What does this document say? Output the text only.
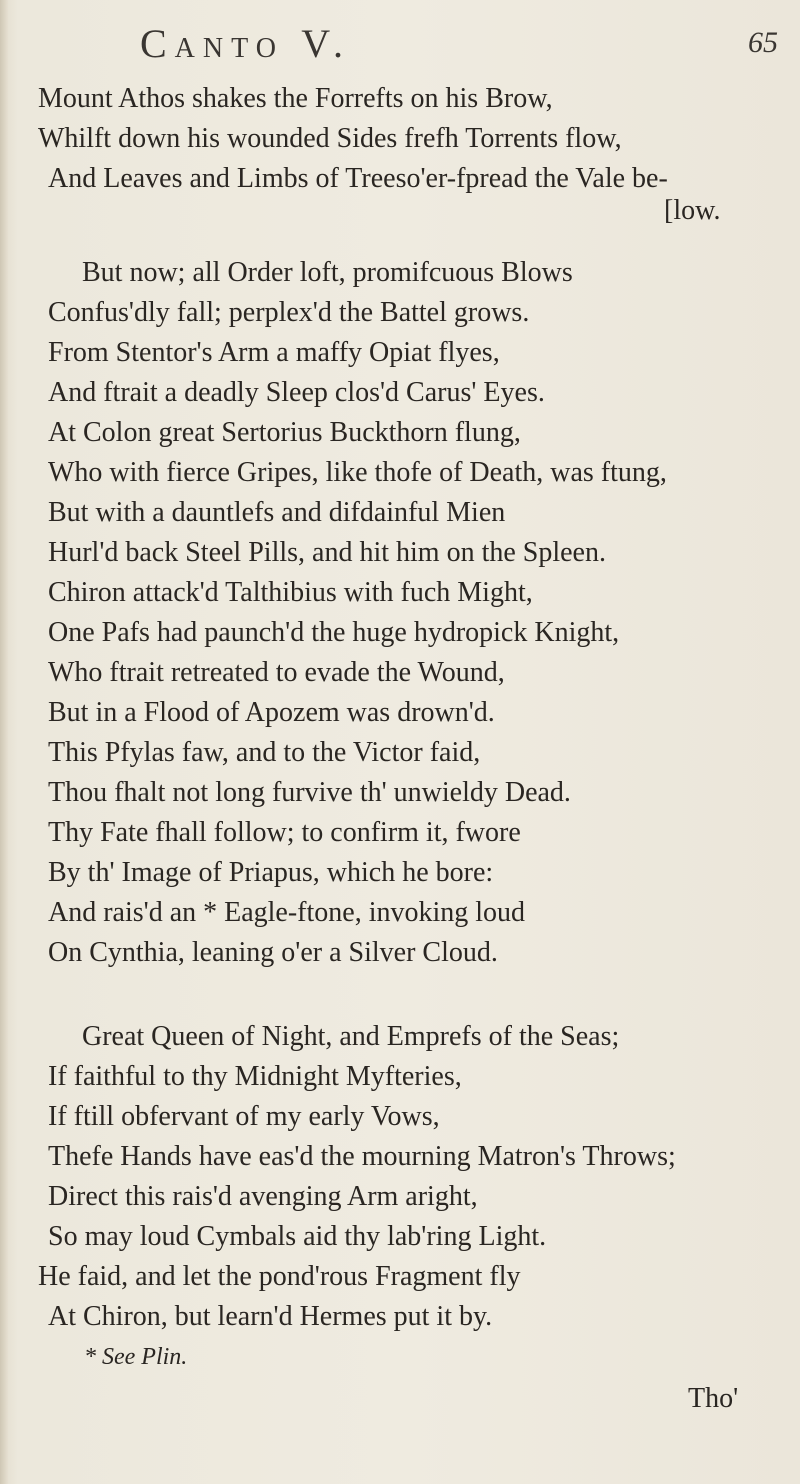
Canto V.	65
Mount Athos shakes the Forrefts on his Brow,
Whilft down his wounded Sides frefh Torrents flow,
And Leaves and Limbs of Treeso'er-fpread the Vale be-
[low.
But now; all Order loft, promifcuous Blows
Confus'dly fall; perplex'd the Battel grows.
From Stentor's Arm a maffy Opiat flyes,
And ftrait a deadly Sleep clos'd Carus' Eyes.
At Colon great Sertorius Buckthorn flung,
Who with fierce Gripes, like thofe of Death, was ftung,
But with a dauntlefs and difdainful Mien
Hurl'd back Steel Pills, and hit him on the Spleen.
Chiron attack'd Talthibius with fuch Might,
One Pafs had paunch'd the huge hydropick Knight,
Who ftrait retreated to evade the Wound,
But in a Flood of Apozem was drown'd.
This Pfylas faw, and to the Victor faid,
Thou fhalt not long furvive th' unwieldy Dead.
Thy Fate fhall follow; to confirm it, fwore
By th' Image of Priapus, which he bore:
And rais'd an * Eagle-ftone, invoking loud
On Cynthia, leaning o'er a Silver Cloud.
Great Queen of Night, and Emprefs of the Seas;
If faithful to thy Midnight Myfteries,
If ftill obfervant of my early Vows,
Thefe Hands have eas'd the mourning Matron's Throws;
Direct this rais'd avenging Arm aright,
So may loud Cymbals aid thy lab'ring Light.
He faid, and let the pond'rous Fragment fly
At Chiron, but learn'd Hermes put it by.
* See Plin.
Tho'
